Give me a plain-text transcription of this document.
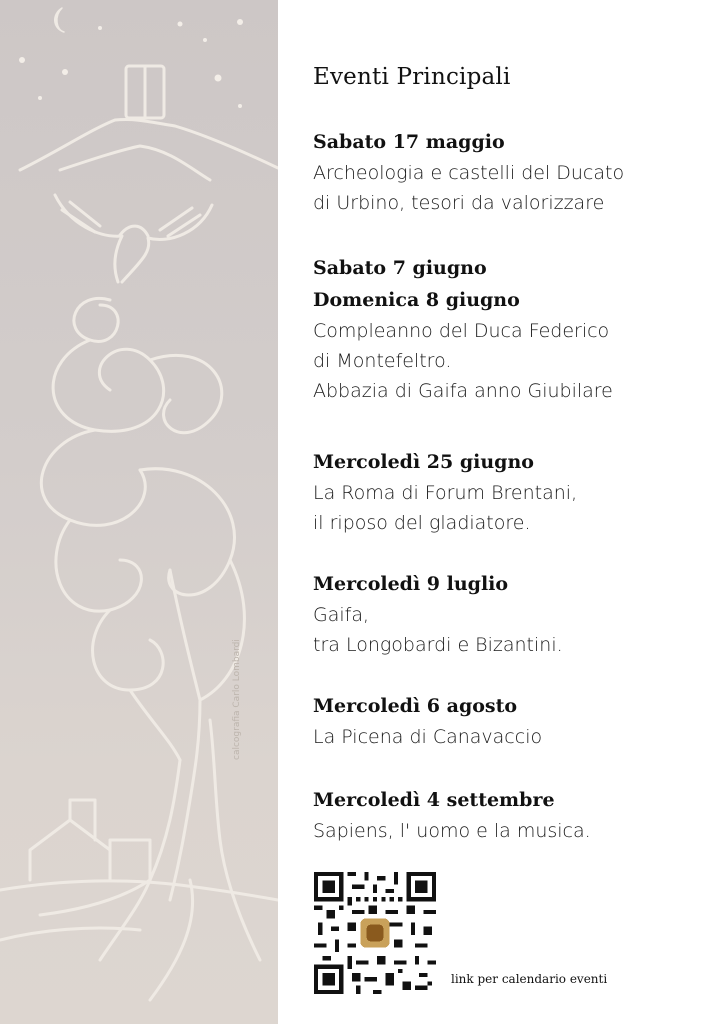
calcografia Carlo Lombardi
Eventi Principali
Sabato 17 maggio
Archeologia e castelli del Ducato
di Urbino, tesori da valorizzare
Sabato 7 giugno
Domenica 8 giugno
Compleanno del Duca Federico
di Montefeltro.
Abbazia di Gaifa anno Giubilare
Mercoledì 25 giugno
La Roma di Forum Brentani,
il riposo del gladiatore.
Mercoledì 9 luglio
Gaifa,
tra Longobardi e Bizantini.
Mercoledì 6 agosto
La Picena di Canavaccio
Mercoledì 4 settembre
Sapiens, l' uomo e la musica.
link per calendario eventi
